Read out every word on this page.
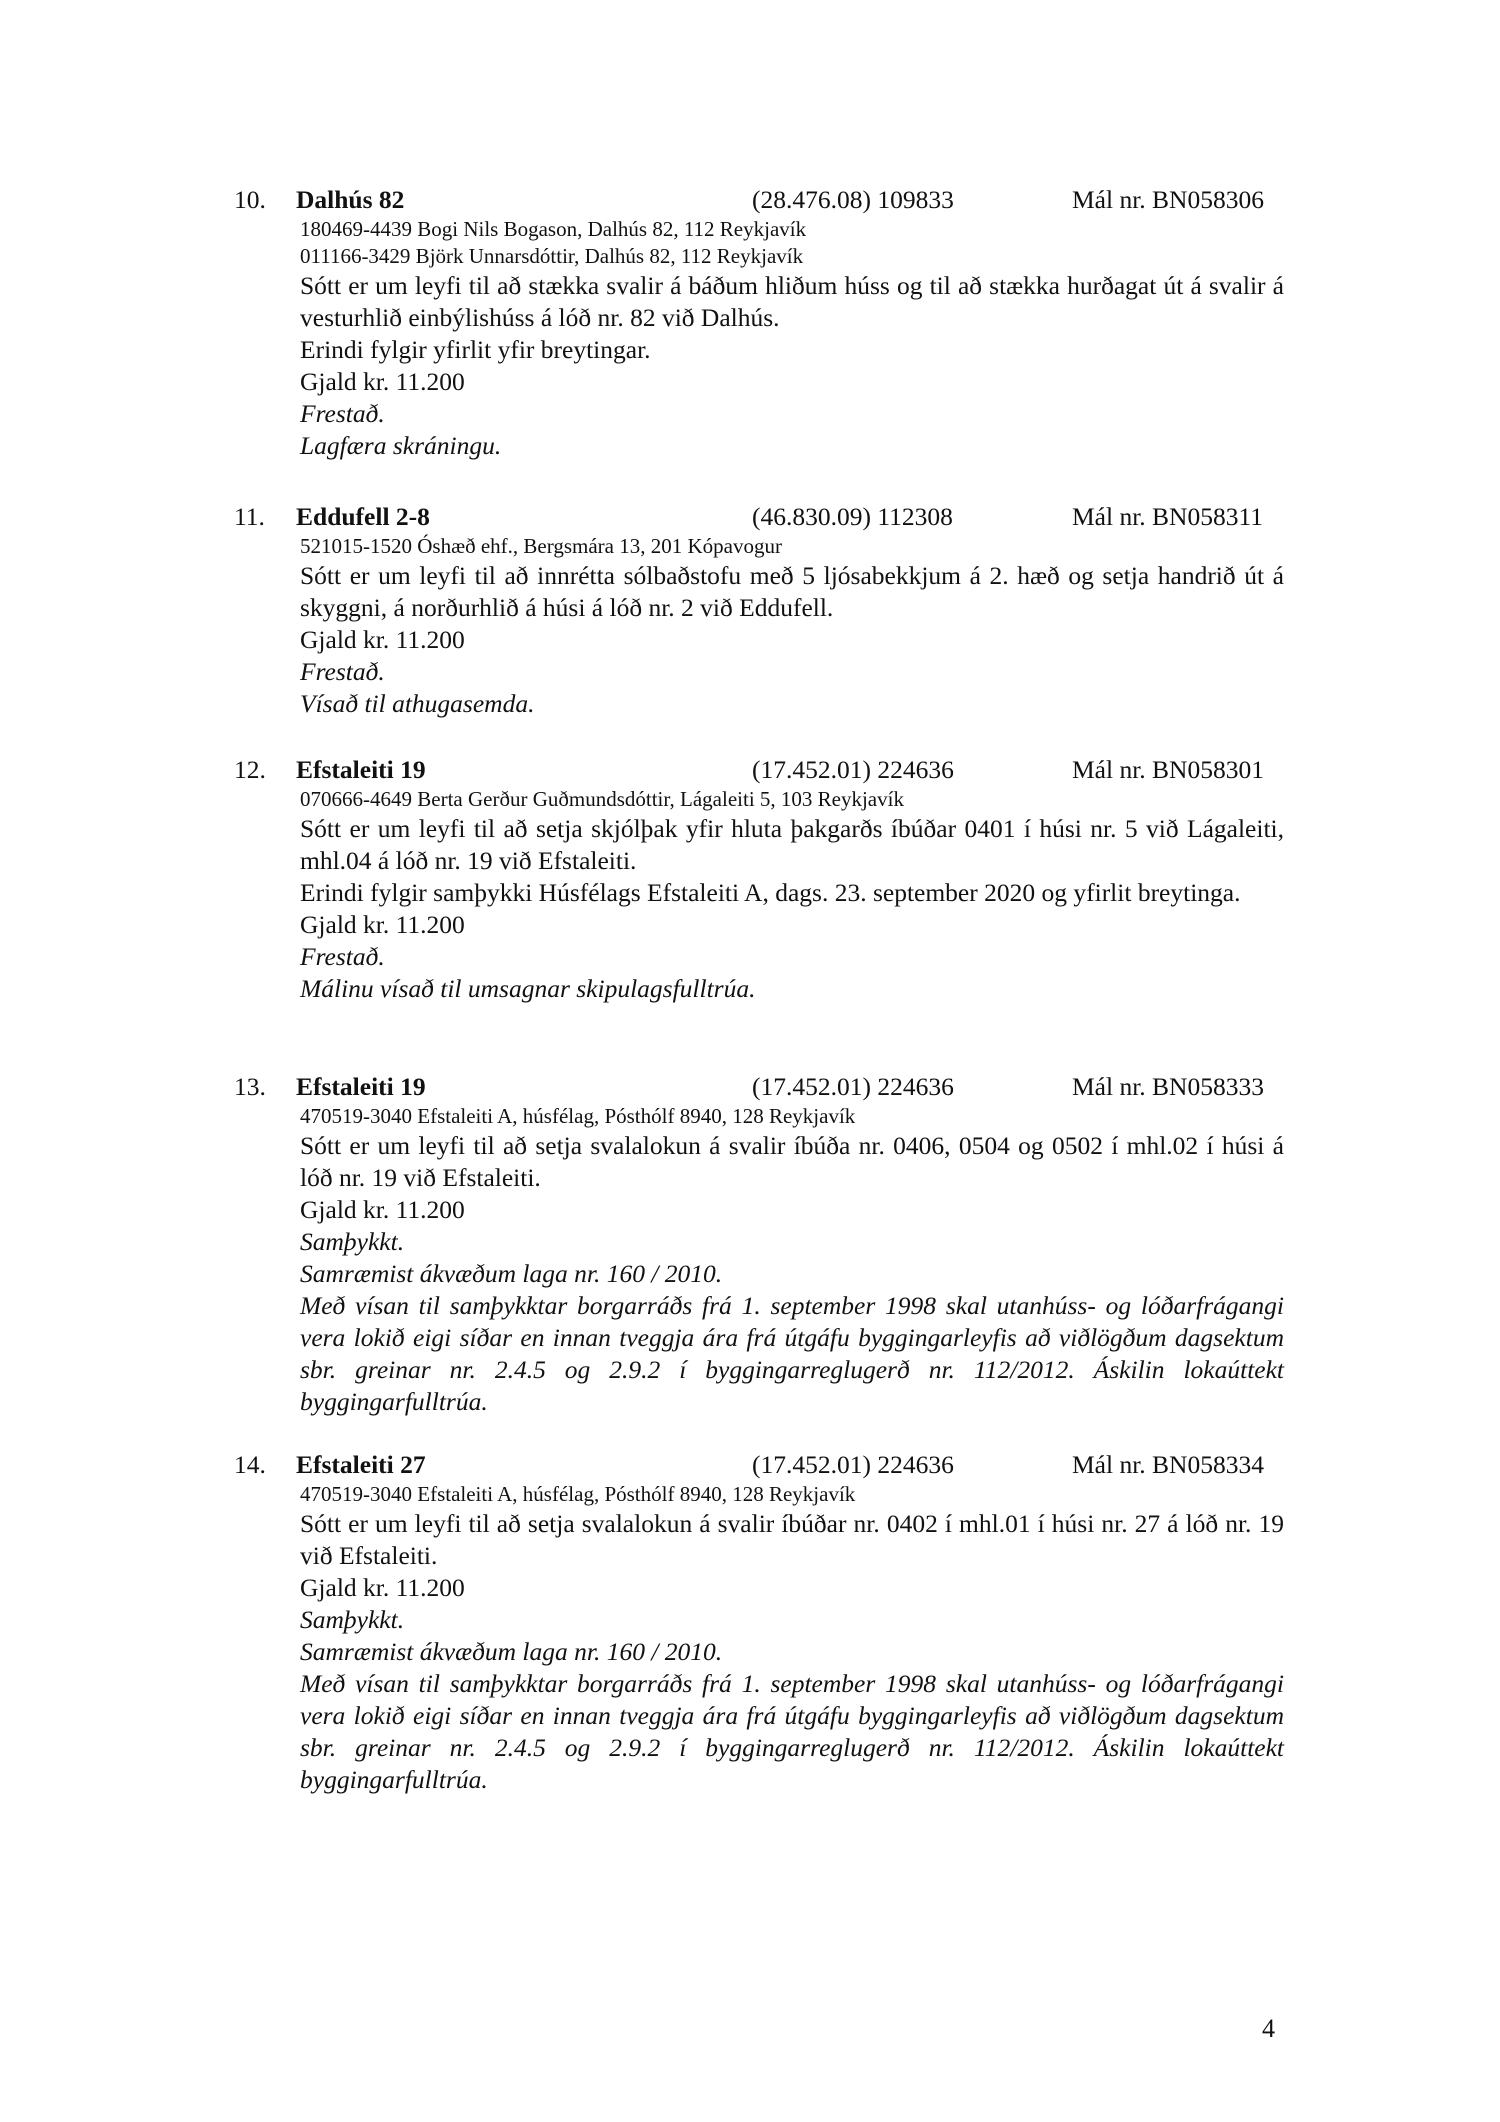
10. Dalhús 82	(28.476.08) 109833	Mál nr. BN058306
180469-4439 Bogi Nils Bogason, Dalhús 82, 112 Reykjavík
011166-3429 Björk Unnarsdóttir, Dalhús 82, 112 Reykjavík
Sótt er um leyfi til að stækka svalir á báðum hliðum húss og til að stækka hurðagat út á svalir á vesturhlið einbýlishúss á lóð nr. 82 við Dalhús.
Erindi fylgir yfirlit yfir breytingar.
Gjald kr. 11.200
Frestað.
Lagfæra skráningu.
11. Eddufell 2-8	(46.830.09) 112308	Mál nr. BN058311
521015-1520 Óshæð ehf., Bergsmára 13, 201 Kópavogur
Sótt er um leyfi til að innrétta sólbaðstofu með 5 ljósabekkjum á 2. hæð og setja handrið út á skyggni, á norðurhlið á húsi á lóð nr. 2 við Eddufell.
Gjald kr. 11.200
Frestað.
Vísað til athugasemda.
12. Efstaleiti 19	(17.452.01) 224636	Mál nr. BN058301
070666-4649 Berta Gerður Guðmundsdóttir, Lágaleiti 5, 103 Reykjavík
Sótt er um leyfi til að setja skjólþak yfir hluta þakgarðs íbúðar 0401 í húsi nr. 5 við Lágaleiti, mhl.04 á lóð nr. 19 við Efstaleiti.
Erindi fylgir samþykki Húsfélags Efstaleiti A, dags. 23. september 2020 og yfirlit breytinga.
Gjald kr. 11.200
Frestað.
Málinu vísað til umsagnar skipulagsfulltrúa.
13. Efstaleiti 19	(17.452.01) 224636	Mál nr. BN058333
470519-3040 Efstaleiti A, húsfélag, Pósthólf 8940, 128 Reykjavík
Sótt er um leyfi til að setja svalalokun á svalir íbúða nr. 0406, 0504 og 0502 í mhl.02 í húsi á lóð nr. 19 við Efstaleiti.
Gjald kr. 11.200
Samþykkt.
Samræmist ákvæðum laga nr. 160 / 2010.
Með vísan til samþykktar borgarráðs frá 1. september 1998 skal utanhúss- og lóðarfrágangi vera lokið eigi síðar en innan tveggja ára frá útgáfu byggingarleyfis að viðlögðum dagsektum sbr. greinar nr. 2.4.5 og 2.9.2 í byggingarreglugerð nr. 112/2012. Áskilin lokaúttekt byggingarfulltrúa.
14. Efstaleiti 27	(17.452.01) 224636	Mál nr. BN058334
470519-3040 Efstaleiti A, húsfélag, Pósthólf 8940, 128 Reykjavík
Sótt er um leyfi til að setja svalalokun á svalir íbúðar nr. 0402 í mhl.01 í húsi nr. 27 á lóð nr. 19 við Efstaleiti.
Gjald kr. 11.200
Samþykkt.
Samræmist ákvæðum laga nr. 160 / 2010.
Með vísan til samþykktar borgarráðs frá 1. september 1998 skal utanhúss- og lóðarfrágangi vera lokið eigi síðar en innan tveggja ára frá útgáfu byggingarleyfis að viðlögðum dagsektum sbr. greinar nr. 2.4.5 og 2.9.2 í byggingarreglugerð nr. 112/2012. Áskilin lokaúttekt byggingarfulltrúa.
4
